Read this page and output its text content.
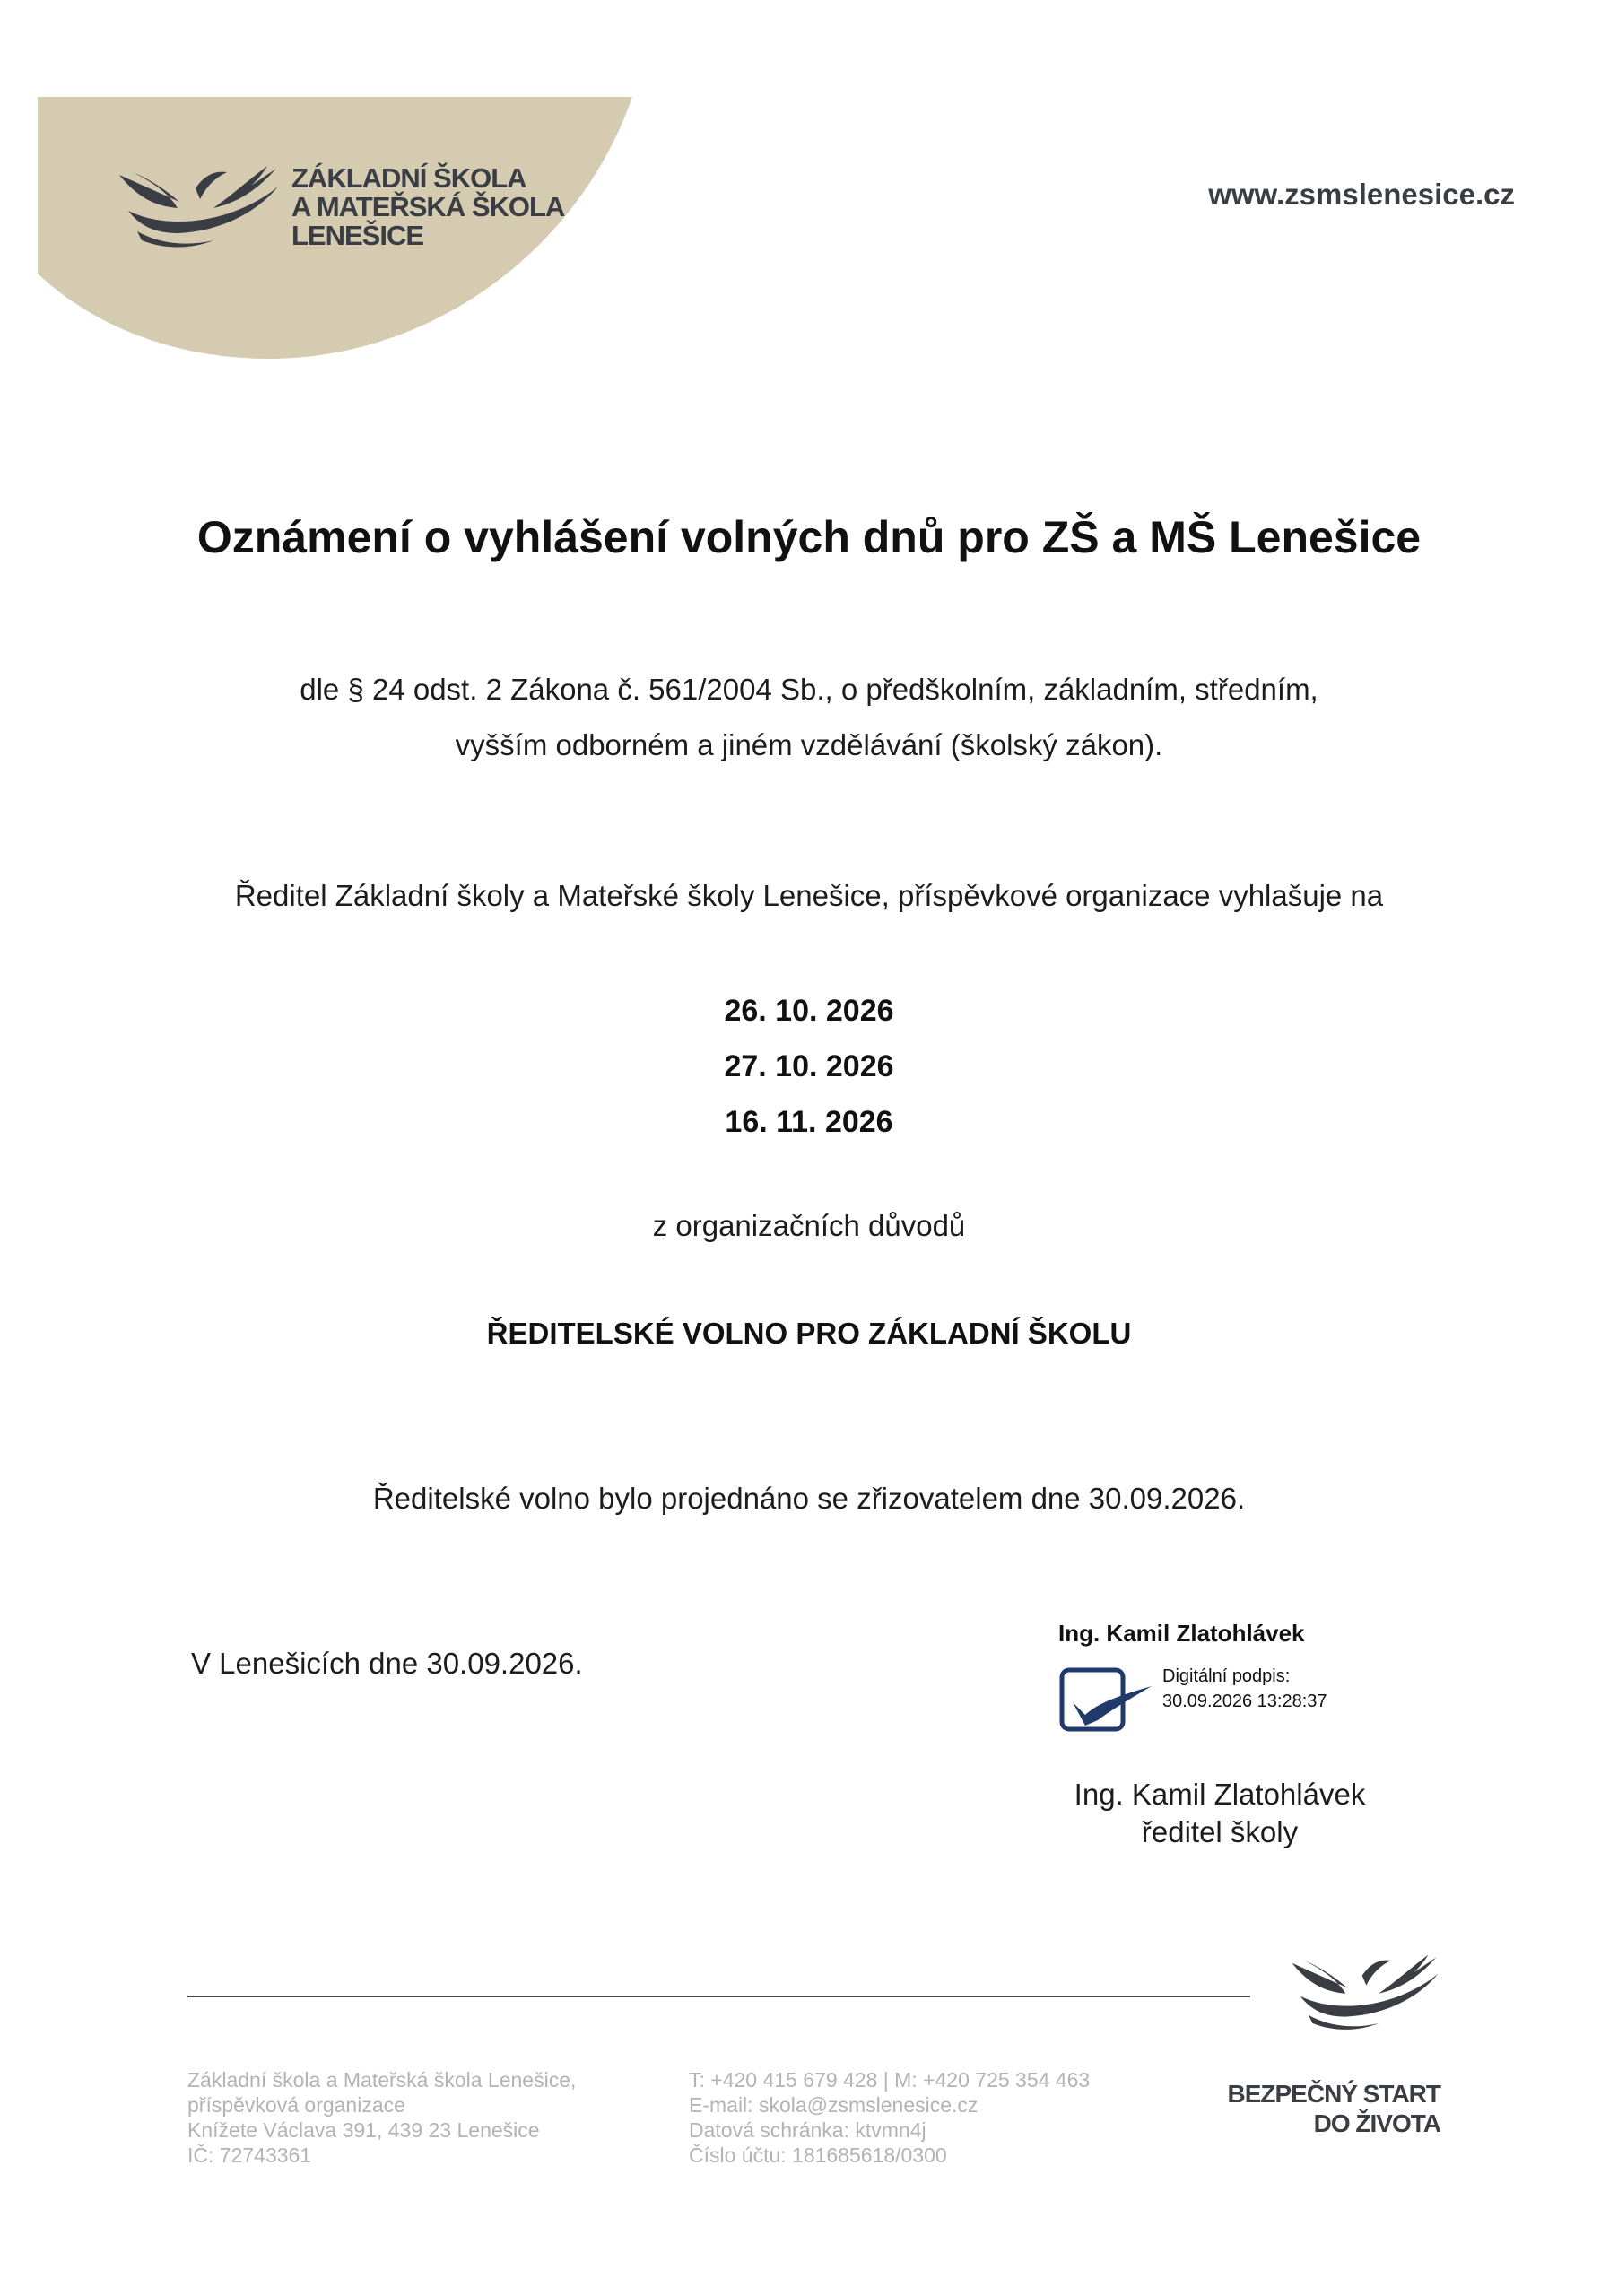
ZÁKLADNÍ ŠKOLA
A MATEŘSKÁ ŠKOLA
LENEŠICE
www.zsmslenesice.cz
Oznámení o vyhlášení volných dnů pro ZŠ a MŠ Lenešice
dle § 24 odst. 2 Zákona č. 561/2004 Sb., o předškolním, základním, středním,
vyšším odborném a jiném vzdělávání (školský zákon).
Ředitel Základní školy a Mateřské školy Lenešice, příspěvkové organizace vyhlašuje na
26. 10. 2026
27. 10. 2026
16. 11. 2026
z organizačních důvodů
ŘEDITELSKÉ VOLNO PRO ZÁKLADNÍ ŠKOLU
Ředitelské volno bylo projednáno se zřizovatelem dne 30.09.2026.
V Lenešicích dne 30.09.2026.
Ing. Kamil Zlatohlávek
Digitální podpis:
30.09.2026 13:28:37
Ing. Kamil Zlatohlávek
ředitel školy
Základní škola a Mateřská škola Lenešice,
příspěvková organizace
Knížete Václava 391, 439 23 Lenešice
IČ: 72743361
T: +420 415 679 428 | M: +420 725 354 463
E-mail: skola@zsmslenesice.cz
Datová schránka: ktvmn4j
Číslo účtu: 181685618/0300
BEZPEČNÝ START
DO ŽIVOTA
